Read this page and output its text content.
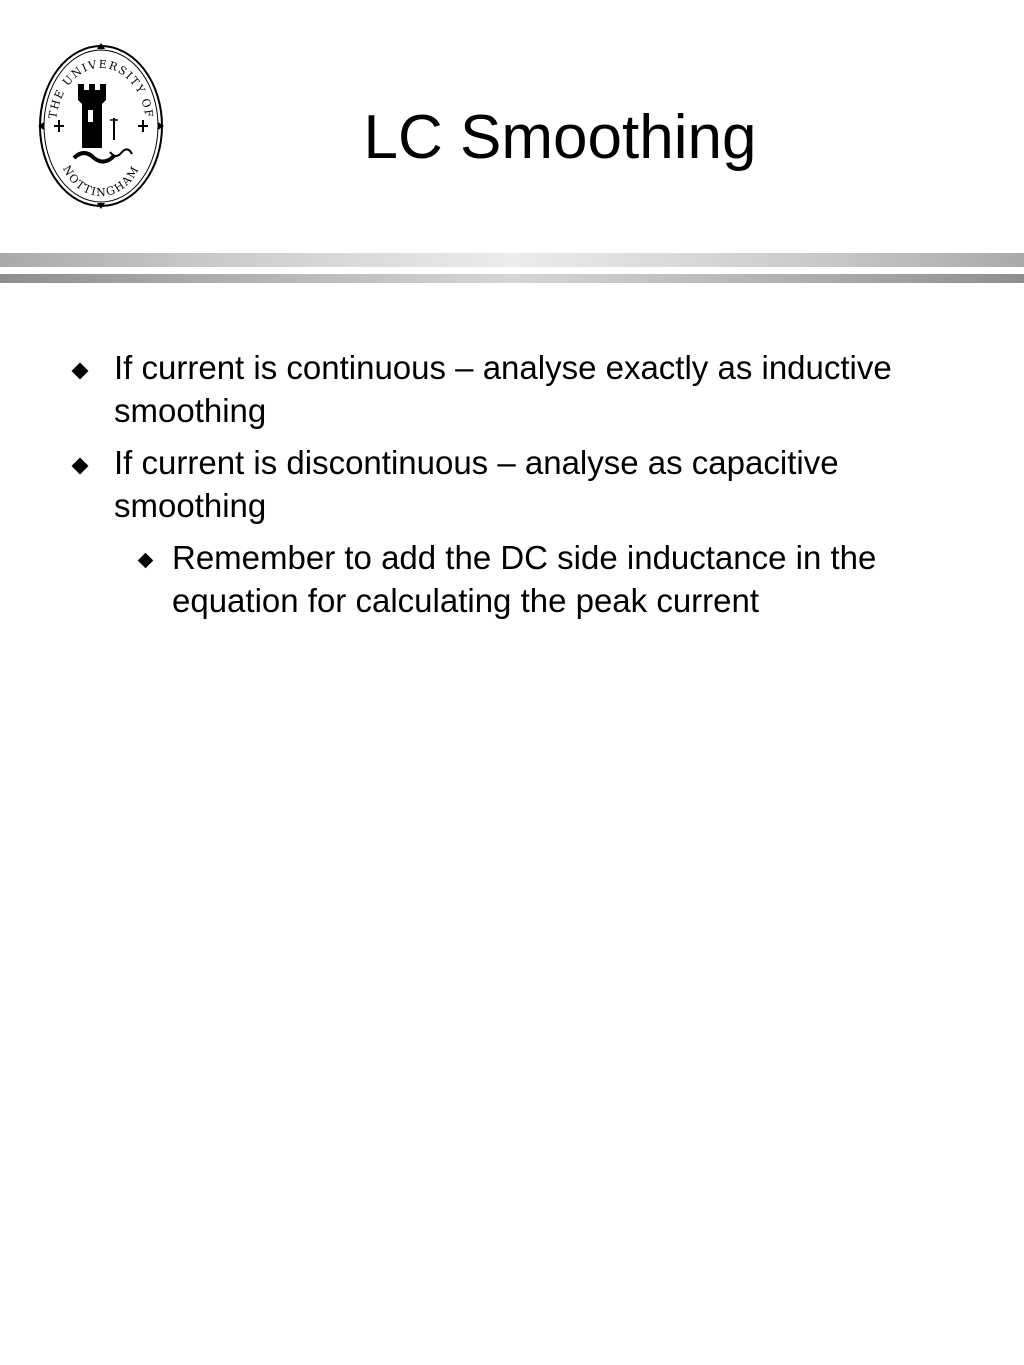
THE UNIVERSITY OF
NOTTINGHAM	LC Smoothing
If current is continuous – analyse exactly as inductive smoothing
If current is discontinuous – analyse as capacitive smoothing
Remember to add the DC side inductance in the equation for calculating the peak current
